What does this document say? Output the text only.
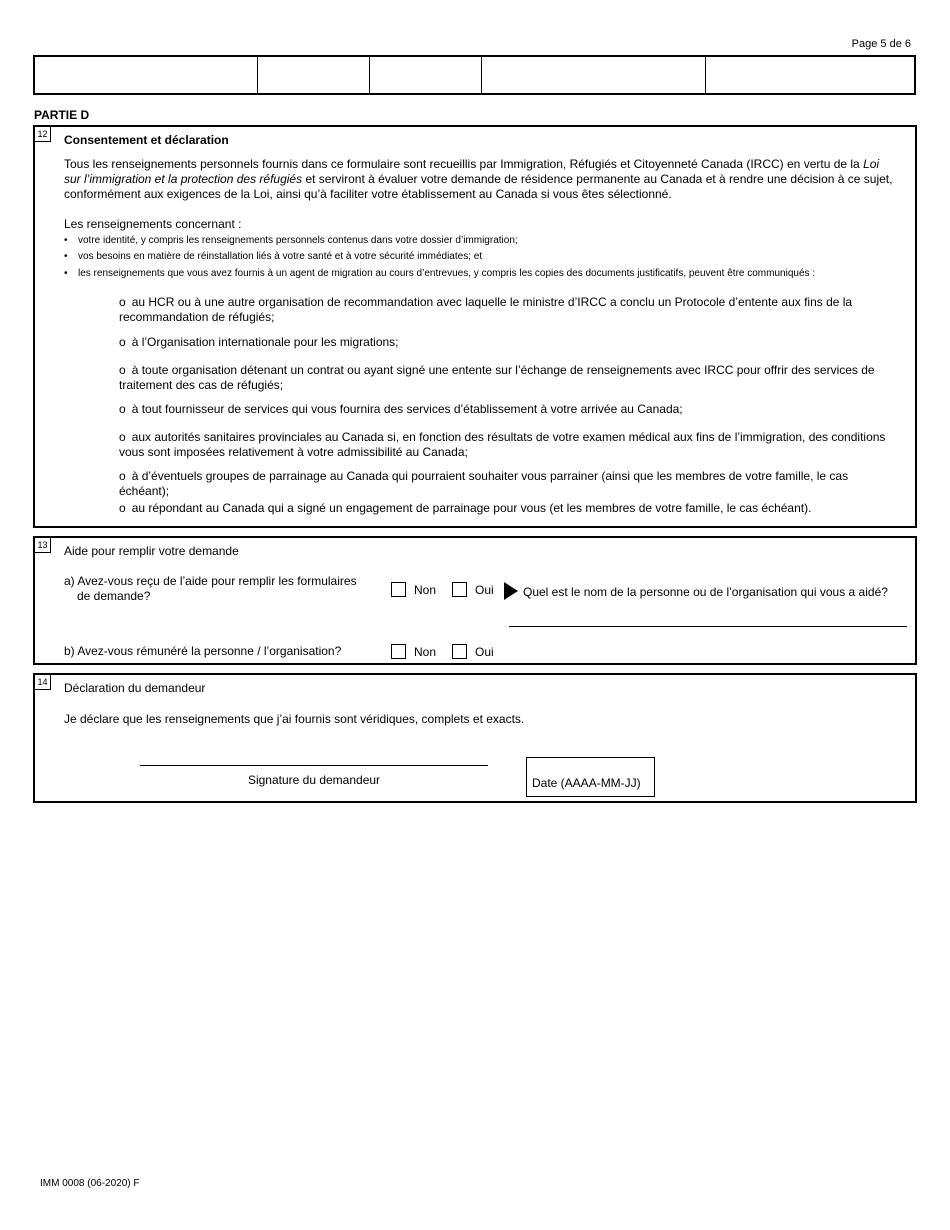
Page 5 de 6
PARTIE D
12 Consentement et déclaration
Tous les renseignements personnels fournis dans ce formulaire sont recueillis par Immigration, Réfugiés et Citoyenneté Canada (IRCC) en vertu de la Loi sur l’immigration et la protection des réfugiés et serviront à évaluer votre demande de résidence permanente au Canada et à rendre une décision à ce sujet, conformément aux exigences de la Loi, ainsi qu’à faciliter votre établissement au Canada si vous êtes sélectionné.
Les renseignements concernant :
• votre identité, y compris les renseignements personnels contenus dans votre dossier d’immigration;
• vos besoins en matière de réinstallation liés à votre santé et à votre sécurité immédiates; et
• les renseignements que vous avez fournis à un agent de migration au cours d’entrevues, y compris les copies des documents justificatifs, peuvent être communiqués :
o au HCR ou à une autre organisation de recommandation avec laquelle le ministre d’IRCC a conclu un Protocole d’entente aux fins de la recommandation de réfugiés;
o à l’Organisation internationale pour les migrations;
o à toute organisation détenant un contrat ou ayant signé une entente sur l’échange de renseignements avec IRCC pour offrir des services de traitement des cas de réfugiés;
o à tout fournisseur de services qui vous fournira des services d’établissement à votre arrivée au Canada;
o aux autorités sanitaires provinciales au Canada si, en fonction des résultats de votre examen médical aux fins de l’immigration, des conditions vous sont imposées relativement à votre admissibilité au Canada;
o à d’éventuels groupes de parrainage au Canada qui pourraient souhaiter vous parrainer (ainsi que les membres de votre famille, le cas échéant);
o au répondant au Canada qui a signé un engagement de parrainage pour vous (et les membres de votre famille, le cas échéant).
13 Aide pour remplir votre demande
a) Avez-vous reçu de l’aide pour remplir les formulaires
de demande?	Non	Oui Quel est le nom de la personne ou de l’organisation qui vous a aidé?
b) Avez-vous rémunéré la personne / l’organisation?	Non	Oui
14 Déclaration du demandeur
Je déclare que les renseignements que j’ai fournis sont véridiques, complets et exacts.
Signature du demandeur	Date (AAAA-MM-JJ)
IMM 0008 (06-2020) F
